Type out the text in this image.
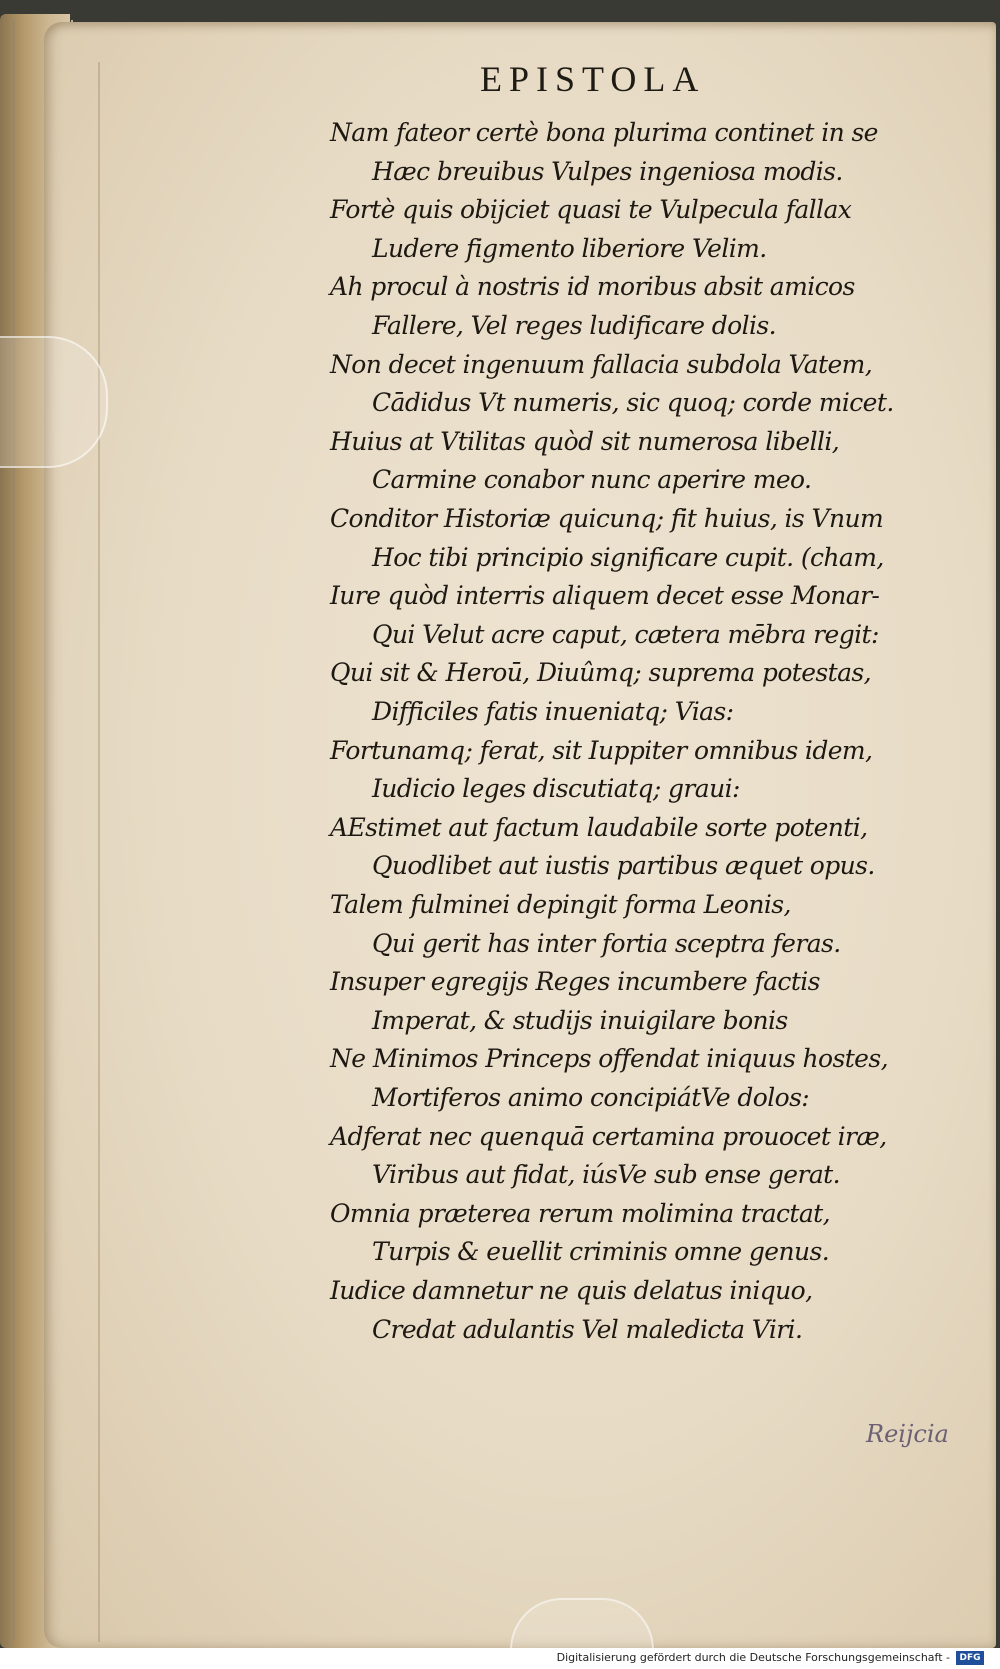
EPISTOLA
Nam fateor certè bona plurima continet in se
Hæc breuibus Vulpes ingeniosa modis.
Fortè quis obijciet quasi te Vulpecula fallax
Ludere figmento liberiore Velim.
Ah procul à nostris id moribus absit amicos
Fallere, Vel reges ludificare dolis.
Non decet ingenuum fallacia subdola Vatem,
Cādidus Vt numeris, sic quoq; corde micet.
Huius at Vtilitas quòd sit numerosa libelli,
Carmine conabor nunc aperire meo.
Conditor Historiæ quicunq; fit huius, is Vnum
Hoc tibi principio significare cupit. (cham,
Iure quòd interris aliquem decet esse Monar-
Qui Velut acre caput, cætera mēbra regit:
Qui sit & Heroū, Diuûmq; suprema potestas,
Difficiles fatis inueniatq; Vias:
Fortunamq; ferat, sit Iuppiter omnibus idem,
Iudicio leges discutiatq; graui:
AEstimet aut factum laudabile sorte potenti,
Quodlibet aut iustis partibus æquet opus.
Talem fulminei depingit forma Leonis,
Qui gerit has inter fortia sceptra feras.
Insuper egregijs Reges incumbere factis
Imperat, & studijs inuigilare bonis
Ne Minimos Princeps offendat iniquus hostes,
Mortiferos animo concipiátVe dolos:
Adferat nec quenquā certamina prouocet iræ,
Viribus aut fidat, iúsVe sub ense gerat.
Omnia præterea rerum molimina tractat,
Turpis & euellit criminis omne genus.
Iudice damnetur ne quis delatus iniquo,
Credat adulantis Vel maledicta Viri.
Reijcia
Digitalisierung gefördert durch die Deutsche Forschungsgemeinschaft -	DFG
